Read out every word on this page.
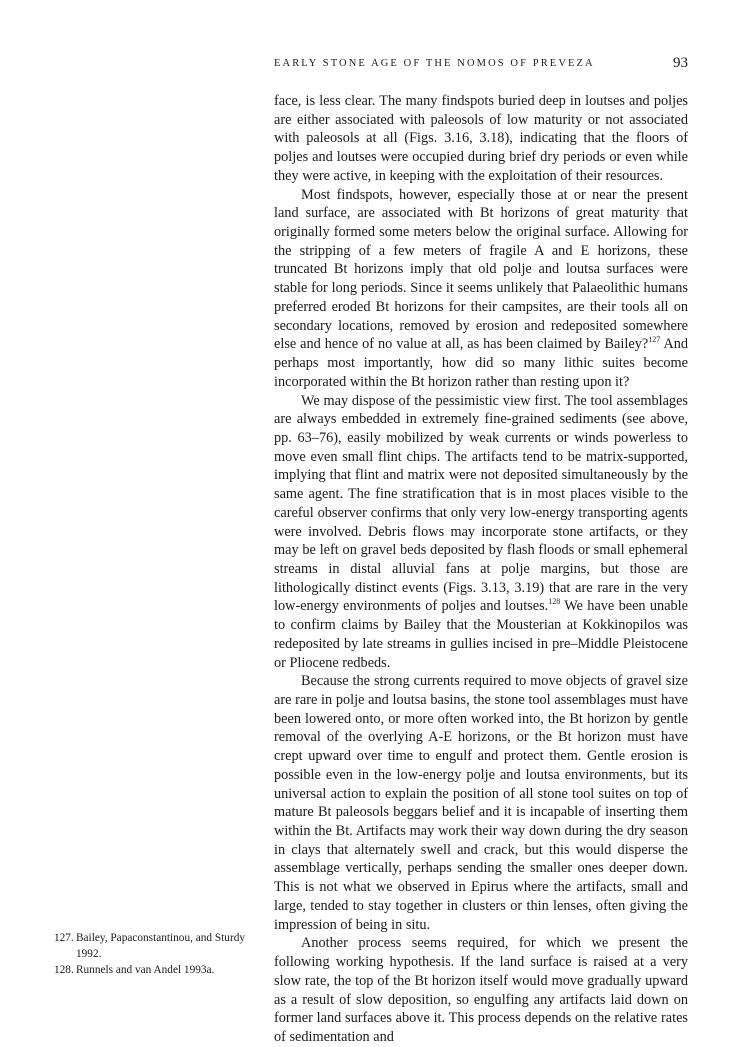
EARLY STONE AGE OF THE NOMOS OF PREVEZA	93

face, is less clear. The many findspots buried deep in loutses and poljes are either associated with paleosols of low maturity or not associated with paleosols at all (Figs. 3.16, 3.18), indicating that the floors of poljes and loutses were occupied during brief dry periods or even while they were active, in keeping with the exploitation of their resources.

Most findspots, however, especially those at or near the present land surface, are associated with Bt horizons of great maturity that originally formed some meters below the original surface. Allowing for the stripping of a few meters of fragile A and E horizons, these truncated Bt horizons imply that old polje and loutsa surfaces were stable for long periods. Since it seems unlikely that Palaeolithic humans preferred eroded Bt horizons for their campsites, are their tools all on secondary locations, removed by erosion and redeposited somewhere else and hence of no value at all, as has been claimed by Bailey?$^{127}$ And perhaps most importantly, how did so many lithic suites become incorporated within the Bt horizon rather than resting upon it?

We may dispose of the pessimistic view first. The tool assemblages are always embedded in extremely fine-grained sediments (see above, pp. 63–76), easily mobilized by weak currents or winds powerless to move even small flint chips. The artifacts tend to be matrix-supported, implying that flint and matrix were not deposited simultaneously by the same agent. The fine stratification that is in most places visible to the careful observer confirms that only very low-energy transporting agents were involved. Debris flows may incorporate stone artifacts, or they may be left on gravel beds deposited by flash floods or small ephemeral streams in distal alluvial fans at polje margins, but those are lithologically distinct events (Figs. 3.13, 3.19) that are rare in the very low-energy environments of poljes and loutses.$^{128}$ We have been unable to confirm claims by Bailey that the Mousterian at Kokkinopilos was redeposited by late streams in gullies incised in pre–Middle Pleistocene or Pliocene redbeds.

Because the strong currents required to move objects of gravel size are rare in polje and loutsa basins, the stone tool assemblages must have been lowered onto, or more often worked into, the Bt horizon by gentle removal of the overlying A-E horizons, or the Bt horizon must have crept upward over time to engulf and protect them. Gentle erosion is possible even in the low-energy polje and loutsa environments, but its universal action to explain the position of all stone tool suites on top of mature Bt paleosols beggars belief and it is incapable of inserting them within the Bt. Artifacts may work their way down during the dry season in clays that alternately swell and crack, but this would disperse the assemblage vertically, perhaps sending the smaller ones deeper down. This is not what we observed in Epirus where the artifacts, small and large, tended to stay together in clusters or thin lenses, often giving the impression of being in situ.

Another process seems required, for which we present the following working hypothesis. If the land surface is raised at a very slow rate, the top of the Bt horizon itself would move gradually upward as a result of slow deposition, so engulfing any artifacts laid down on former land surfaces above it. This process depends on the relative rates of sedimentation and

127. Bailey, Papaconstantinou, and Sturdy 1992.

128. Runnels and van Andel 1993a.
